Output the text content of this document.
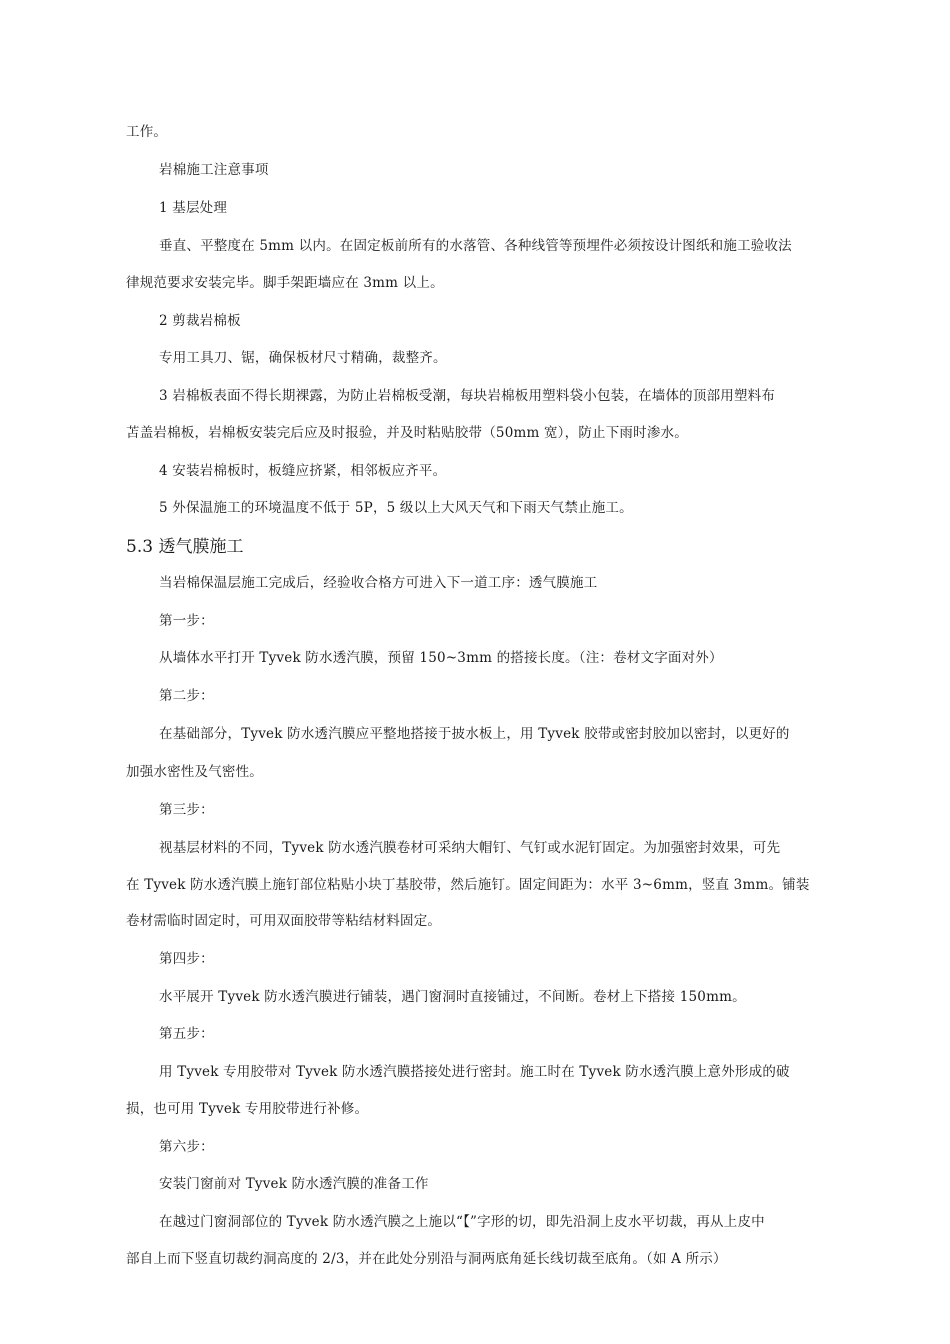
工作。
岩棉施工注意事项
1 基层处理
垂直、平整度在 5mm 以内。在固定板前所有的水落管、各种线管等预埋件必须按设计图纸和施工验收法
律规范要求安装完毕。脚手架距墙应在 3mm 以上。
2 剪裁岩棉板
专用工具刀、锯，确保板材尺寸精确，裁整齐。
3 岩棉板表面不得长期裸露，为防止岩棉板受潮，每块岩棉板用塑料袋小包装，在墙体的顶部用塑料布
苫盖岩棉板，岩棉板安装完后应及时报验，并及时粘贴胶带（50mm 宽），防止下雨时渗水。
4 安装岩棉板时，板缝应挤紧，相邻板应齐平。
5 外保温施工的环境温度不低于 5P，5 级以上大风天气和下雨天气禁止施工。
5.3 透气膜施工
当岩棉保温层施工完成后，经验收合格方可进入下一道工序：透气膜施工
第一步：
从墙体水平打开 Tyvek 防水透汽膜，预留 150~3mm 的搭接长度。（注：卷材文字面对外）
第二步：
在基础部分，Tyvek 防水透汽膜应平整地搭接于披水板上，用 Tyvek 胶带或密封胶加以密封，以更好的
加强水密性及气密性。
第三步：
视基层材料的不同，Tyvek 防水透汽膜卷材可采纳大帽钉、气钉或水泥钉固定。为加强密封效果，可先
在 Tyvek 防水透汽膜上施钉部位粘贴小块丁基胶带，然后施钉。固定间距为：水平 3~6mm，竖直 3mm。铺装
卷材需临时固定时，可用双面胶带等粘结材料固定。
第四步：
水平展开 Tyvek 防水透汽膜进行铺装，遇门窗洞时直接铺过，不间断。卷材上下搭接 150mm。
第五步：
用 Tyvek 专用胶带对 Tyvek 防水透汽膜搭接处进行密封。施工时在 Tyvek 防水透汽膜上意外形成的破
损，也可用 Tyvek 专用胶带进行补修。
第六步：
安装门窗前对 Tyvek 防水透汽膜的准备工作
在越过门窗洞部位的 Tyvek 防水透汽膜之上施以“【”字形的切，即先沿洞上皮水平切裁，再从上皮中
部自上而下竖直切裁约洞高度的 2/3，并在此处分别沿与洞两底角延长线切裁至底角。（如 A 所示）
